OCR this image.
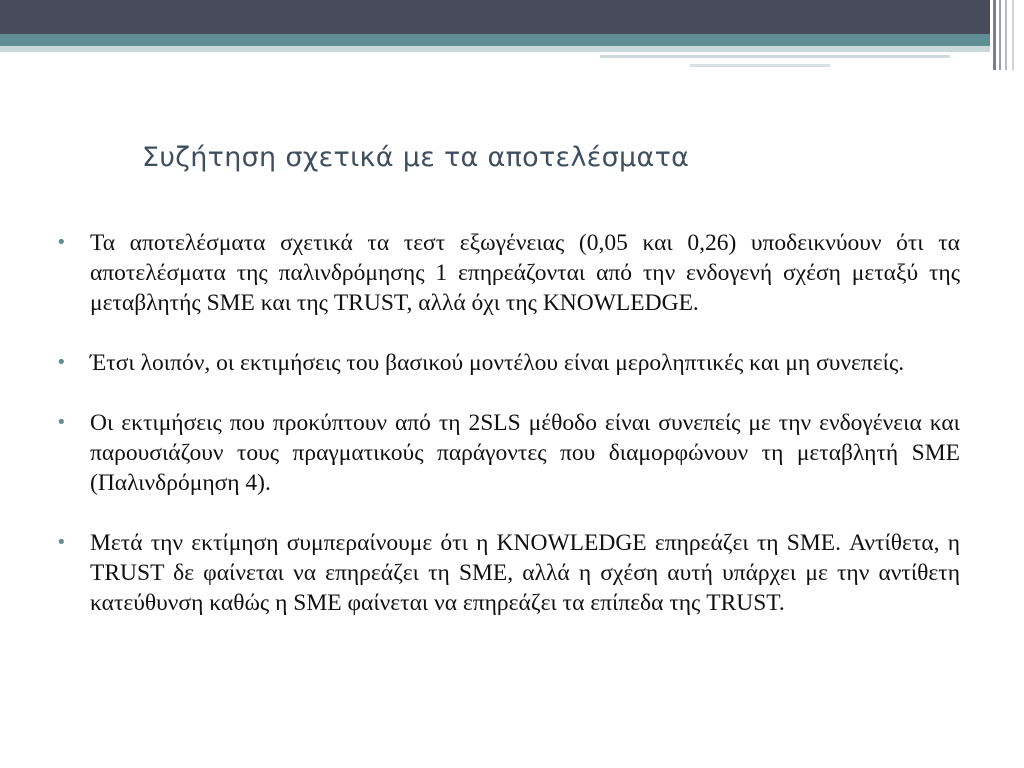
Συζήτηση σχετικά με τα αποτελέσματα
• Τα αποτελέσματα σχετικά τα τεστ εξωγένειας (0,05 και 0,26) υποδεικνύουν ότι τα αποτελέσματα της παλινδρόμησης 1 επηρεάζονται από την ενδογενή σχέση μεταξύ της μεταβλητής SME και της TRUST, αλλά όχι της KNOWLEDGE.
• Έτσι λοιπόν, οι εκτιμήσεις του βασικού μοντέλου είναι μεροληπτικές και μη συνεπείς.
• Οι εκτιμήσεις που προκύπτουν από τη 2SLS μέθοδο είναι συνεπείς με την ενδογένεια και παρουσιάζουν τους πραγματικούς παράγοντες που διαμορφώνουν τη μεταβλητή SME (Παλινδρόμηση 4).
• Μετά την εκτίμηση συμπεραίνουμε ότι η KNOWLEDGE επηρεάζει τη SME. Αντίθετα, η TRUST δε φαίνεται να επηρεάζει τη SME, αλλά η σχέση αυτή υπάρχει με την αντίθετη κατεύθυνση καθώς η SME φαίνεται να επηρεάζει τα επίπεδα της TRUST.
